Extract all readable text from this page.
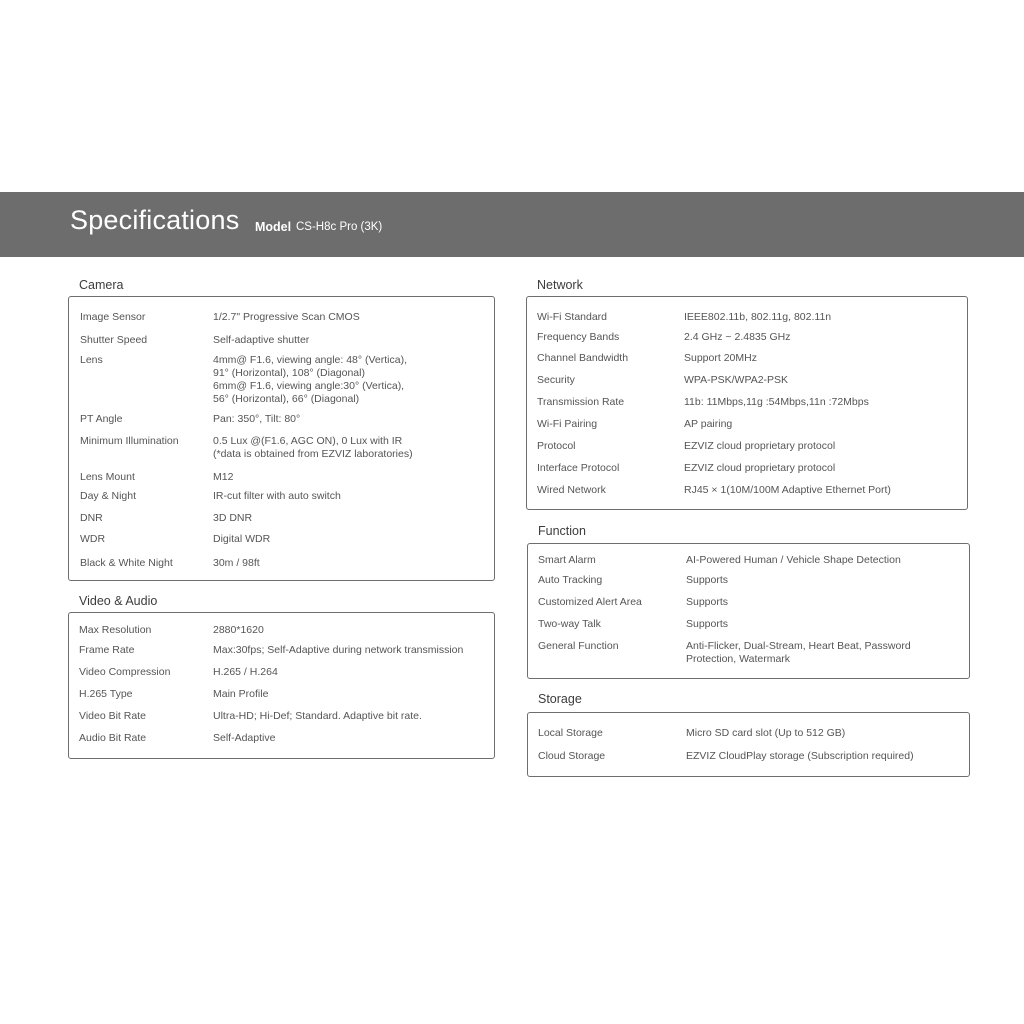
Specifications Model CS-H8c Pro (3K)
Camera
Image Sensor	1/2.7" Progressive Scan CMOS
Shutter Speed	Self-adaptive shutter
Lens	4mm@ F1.6, viewing angle: 48° (Vertica),
91° (Horizontal), 108° (Diagonal)
6mm@ F1.6, viewing angle:30° (Vertica),
56° (Horizontal), 66° (Diagonal)
PT Angle	Pan: 350°, Tilt: 80°
Minimum Illumination	0.5 Lux @(F1.6, AGC ON), 0 Lux with IR
(*data is obtained from EZVIZ laboratories)
Lens Mount	M12
Day & Night	IR-cut filter with auto switch
DNR	3D DNR
WDR	Digital WDR
Black & White Night	30m / 98ft
Video & Audio
Max Resolution	2880*1620
Frame Rate	Max:30fps; Self-Adaptive during network transmission
Video Compression	H.265 / H.264
H.265 Type	Main Profile
Video Bit Rate	Ultra-HD; Hi-Def; Standard. Adaptive bit rate.
Audio Bit Rate	Self-Adaptive
Network
Wi-Fi Standard	IEEE802.11b, 802.11g, 802.11n
Frequency Bands	2.4 GHz ~ 2.4835 GHz
Channel Bandwidth	Support 20MHz
Security	WPA-PSK/WPA2-PSK
Transmission Rate	11b: 11Mbps,11g :54Mbps,11n :72Mbps
Wi-Fi Pairing	AP pairing
Protocol	EZVIZ cloud proprietary protocol
Interface Protocol	EZVIZ cloud proprietary protocol
Wired Network	RJ45 × 1(10M/100M Adaptive Ethernet Port)
Function
Smart Alarm	AI-Powered Human / Vehicle Shape Detection
Auto Tracking	Supports
Customized Alert Area	Supports
Two-way Talk	Supports
General Function	Anti-Flicker, Dual-Stream, Heart Beat, Password
Protection, Watermark
Storage
Local Storage	Micro SD card slot (Up to 512 GB)
Cloud Storage	EZVIZ CloudPlay storage (Subscription required)
